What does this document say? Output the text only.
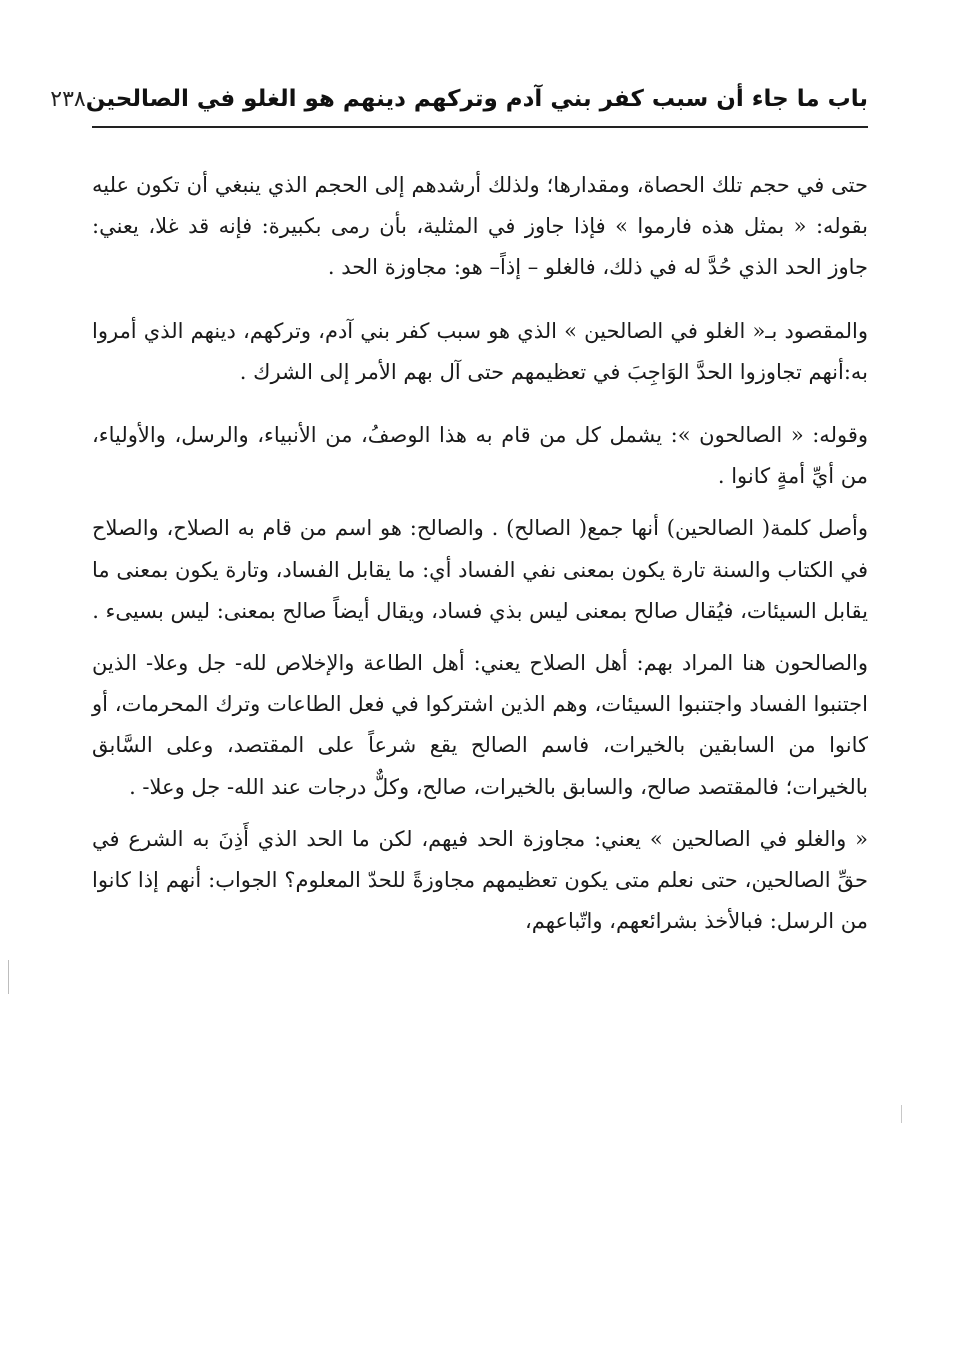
باب ما جاء أن سبب كفر بني آدم وتركهم دينهم هو الغلو في الصالحين
٢٣٨

حتى في حجم تلك الحصاة، ومقدارها؛ ولذلك أرشدهم إلى الحجم الذي ينبغي أن تكون عليه بقوله: « بمثل هذه فارموا » فإذا جاوز في المثلية، بأن رمى بكبيرة: فإنه قد غلا، يعني: جاوز الحد الذي حُدَّ له في ذلك، فالغلو – إذاً– هو: مجاوزة الحد .

والمقصود بـ« الغلو في الصالحين » الذي هو سبب كفر بني آدم، وتركهم، دينهم الذي أمروا به:أنهم تجاوزوا الحدَّ الوَاجِبَ في تعظيمهم حتى آل بهم الأمر إلى الشرك .

وقوله: « الصالحون »: يشمل كل من قام به هذا الوصفُ، من الأنبياء، والرسل، والأولياء، من أيِّ أمةٍ كانوا .

وأصل كلمة( الصالحين) أنها جمع( الصالح) . والصالح: هو اسم من قام به الصلاح، والصلاح في الكتاب والسنة تارة يكون بمعنى نفي الفساد أي: ما يقابل الفساد، وتارة يكون بمعنى ما يقابل السيئات، فيُقال صالح بمعنى ليس بذي فساد، ويقال أيضاً صالح بمعنى: ليس بسيىء .

والصالحون هنا المراد بهم: أهل الصلاح يعني: أهل الطاعة والإخلاص لله- جل وعلا- الذين اجتنبوا الفساد واجتنبوا السيئات، وهم الذين اشتركوا في فعل الطاعات وترك المحرمات، أو كانوا من السابقين بالخيرات، فاسم الصالح يقع شرعاً على المقتصد، وعلى السَّابق بالخيرات؛ فالمقتصد صالح، والسابق بالخيرات، صالح، وكلٌّ درجات عند الله- جل وعلا- .

« والغلو في الصالحين » يعني: مجاوزة الحد فيهم، لكن ما الحد الذي أَذِنَ به الشرع في حقِّ الصالحين، حتى نعلم متى يكون تعظيمهم مجاوزةً للحدّ المعلوم؟ الجواب: أنهم إذا كانوا من الرسل: فبالأخذ بشرائعهم، واتّباعهم،
